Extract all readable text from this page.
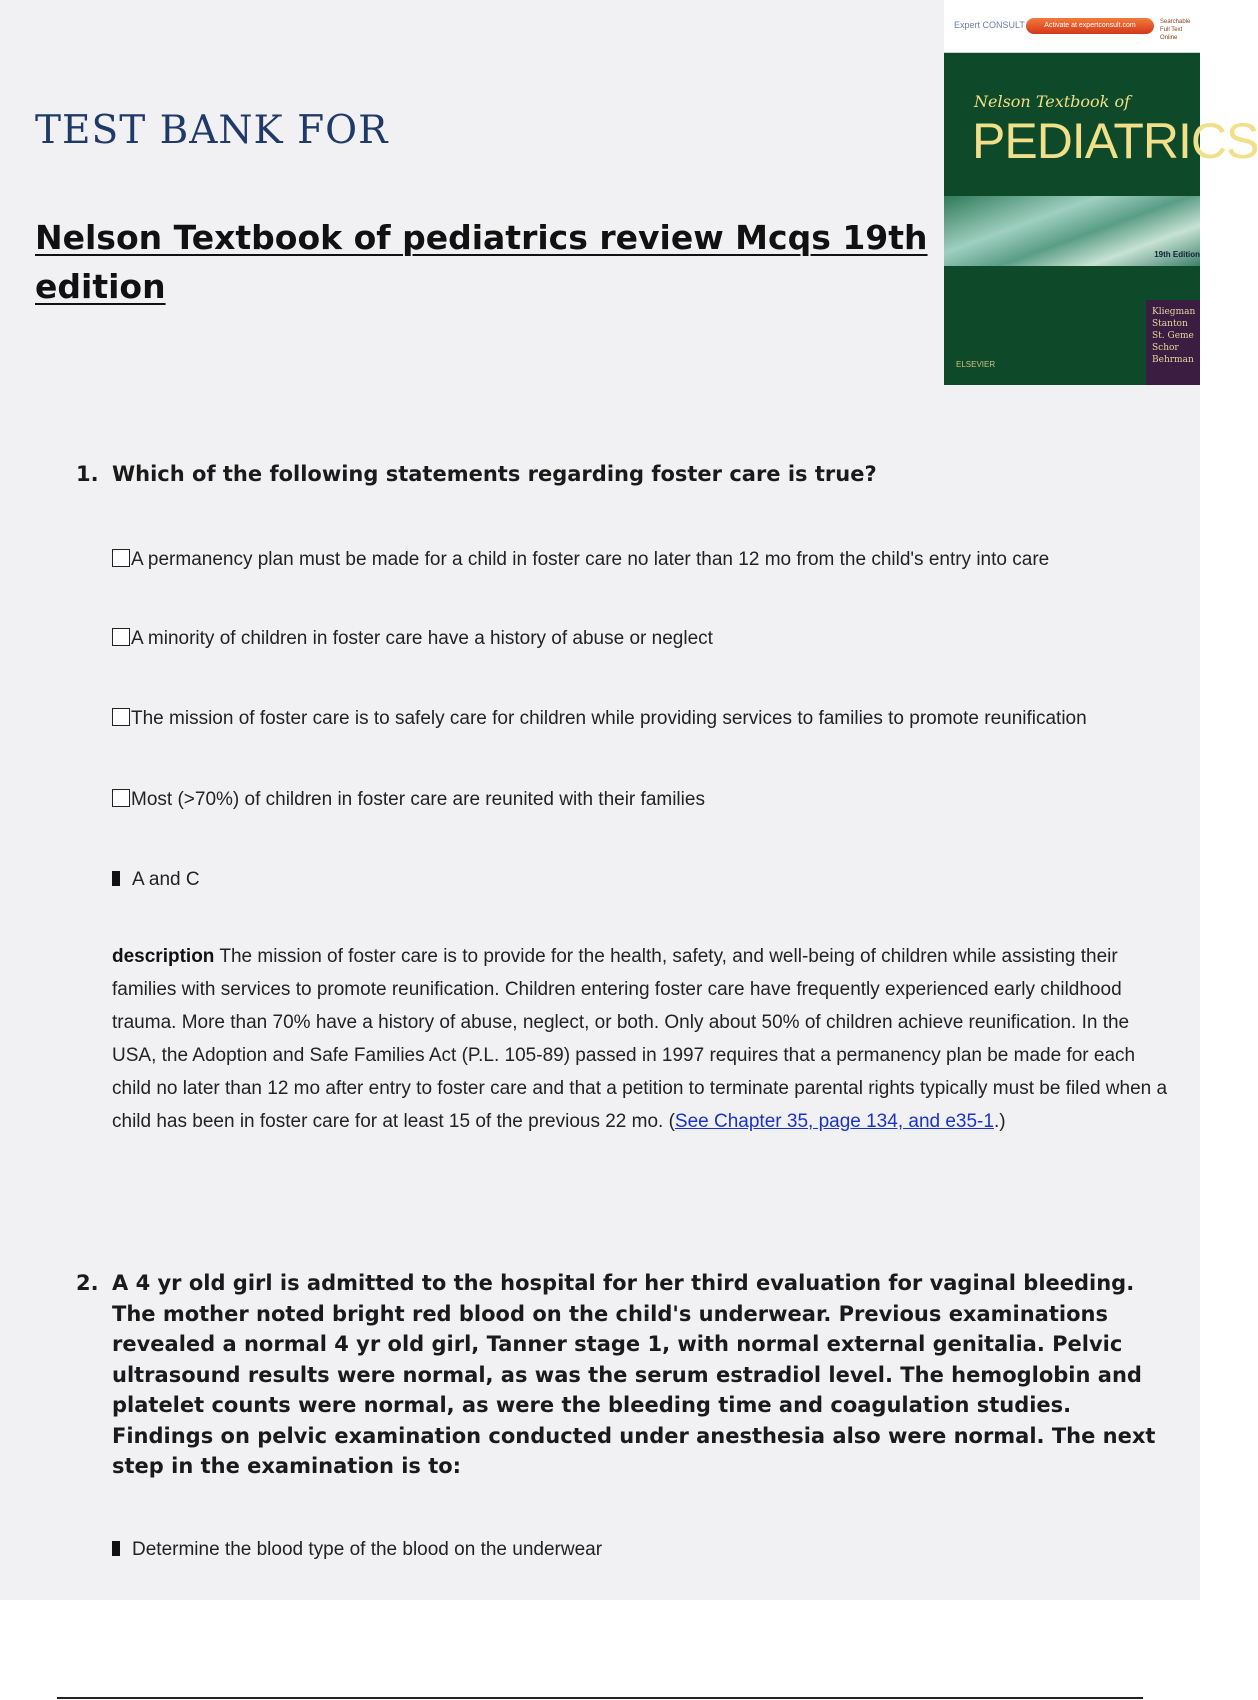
TEST BANK FOR
Nelson Textbook of pediatrics review Mcqs 19th edition
Expert CONSULT	Activate at expertconsult.com	Searchable Full Text Online
Nelson Textbook of
PEDIATRICS
19th Edition
Kliegman
Stanton
St. Geme
Schor
Behrman
ELSEVIER

1. Which of the following statements regarding foster care is true?

A permanency plan must be made for a child in foster care no later than 12 mo from the child's entry into care
A minority of children in foster care have a history of abuse or neglect
The mission of foster care is to safely care for children while providing services to families to promote reunification
Most (>70%) of children in foster care are reunited with their families
A and C

description The mission of foster care is to provide for the health, safety, and well-being of children while assisting their families with services to promote reunification. Children entering foster care have frequently experienced early childhood trauma. More than 70% have a history of abuse, neglect, or both. Only about 50% of children achieve reunification. In the USA, the Adoption and Safe Families Act (P.L. 105-89) passed in 1997 requires that a permanency plan be made for each child no later than 12 mo after entry to foster care and that a petition to terminate parental rights typically must be filed when a child has been in foster care for at least 15 of the previous 22 mo. (See Chapter 35, page 134, and e35-1.)

2. A 4 yr old girl is admitted to the hospital for her third evaluation for vaginal bleeding. The mother noted bright red blood on the child's underwear. Previous examinations revealed a normal 4 yr old girl, Tanner stage 1, with normal external genitalia. Pelvic ultrasound results were normal, as was the serum estradiol level. The hemoglobin and platelet counts were normal, as were the bleeding time and coagulation studies. Findings on pelvic examination conducted under anesthesia also were normal. The next step in the examination is to:

Determine the blood type of the blood on the underwear
